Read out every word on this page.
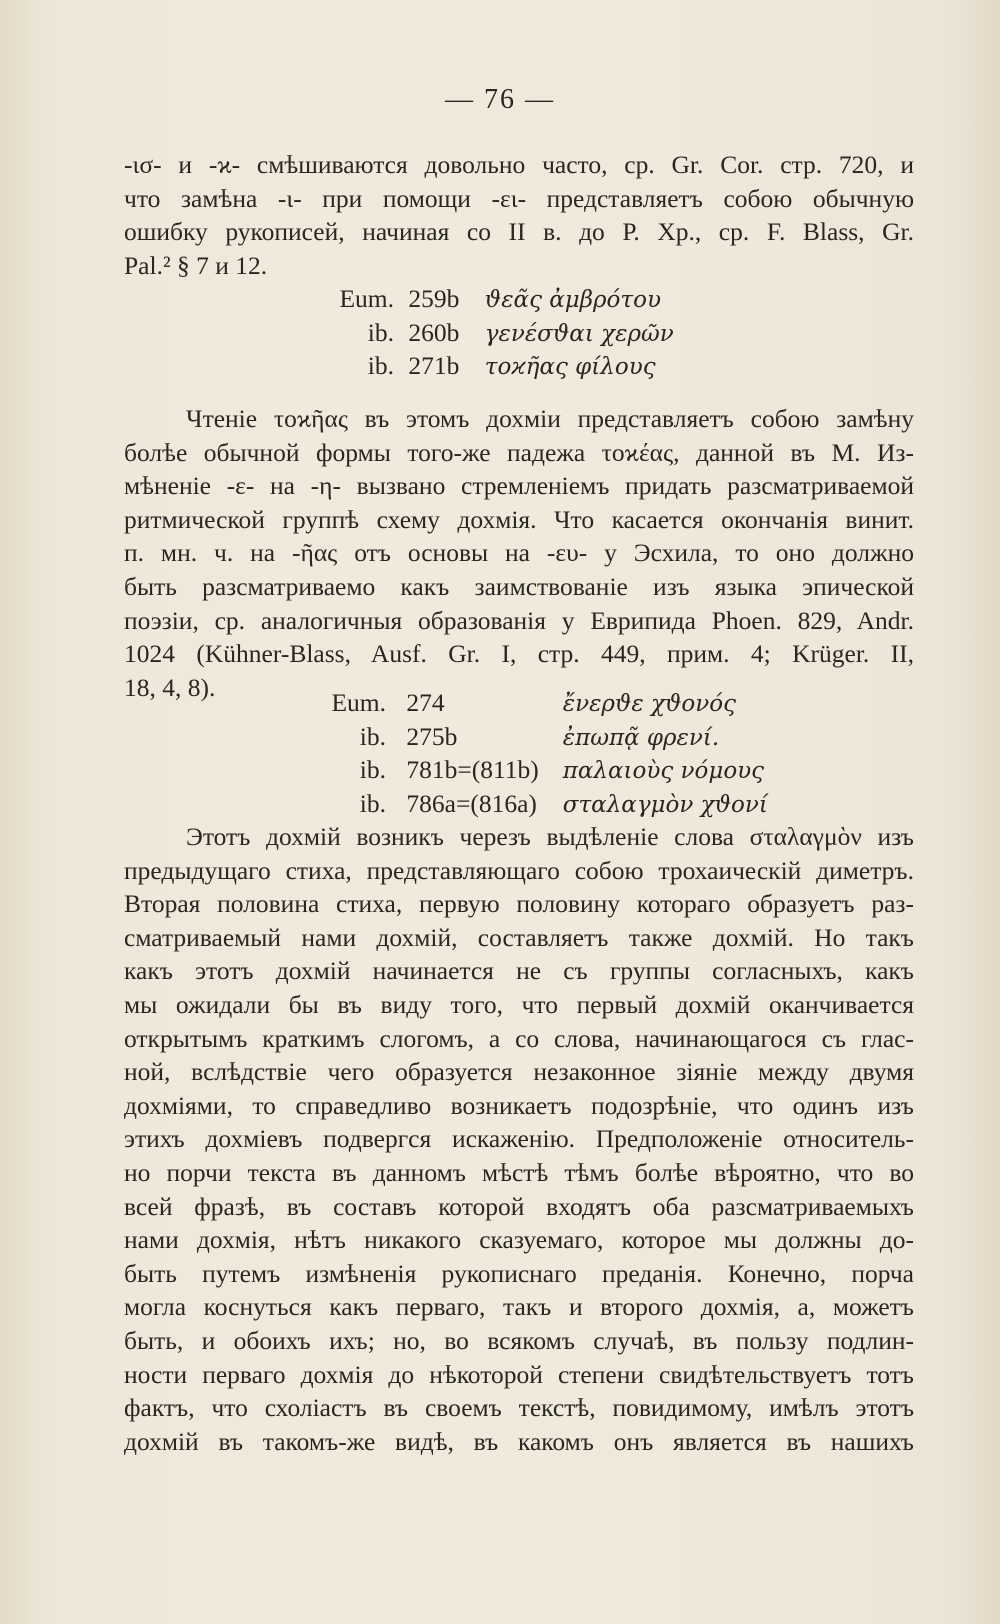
— 76 —
-ισ- и -ϰ- смѣшиваются довольно часто, ср. Gr. Cor. стр. 720, и
что замѣна -ι- при помощи -ει- представляетъ собою обычную
ошибку рукописей, начиная со II в. до Р. Хр., ср. F. Blass, Gr.
Pal.² § 7 и 12.
Eum. 259b ϑεᾶς ἀμβρότου
ib. 260b γενέσϑαι χερῶν
ib. 271b τοϰῆας φίλους
Чтеніе τοϰῆας въ этомъ дохміи представляетъ собою замѣну
болѣе обычной формы того-же падежа τοϰέας, данной въ М. Из-
мѣненіе -ε- на -η- вызвано стремленіемъ придать разсматриваемой
ритмической группѣ схему дохмія. Что касается окончанія винит.
п. мн. ч. на -ῆας отъ основы на -ευ- у Эсхила, то оно должно
быть разсматриваемо какъ заимствованіе изъ языка эпической
поэзіи, ср. аналогичныя образованія у Еврипида Phoen. 829, Andr.
1024 (Kühner-Blass, Ausf. Gr. I, стр. 449, прим. 4; Krüger. II,
18, 4, 8).
Eum. 274	ἔνερϑε χϑονός
ib. 275b	ἐπωπᾷ φρενί.
ib. 781b=(811b) παλαιοὺς νόμους
ib. 786a=(816a) σταλαγμὸν χϑονί
Этотъ дохмій возникъ черезъ выдѣленіе слова σταλαγμὸν изъ
предыдущаго стиха, представляющаго собою трохаическій диметръ.
Вторая половина стиха, первую половину котораго образуетъ раз-
сматриваемый нами дохмій, составляетъ также дохмій. Но такъ
какъ этотъ дохмій начинается не съ группы согласныхъ, какъ
мы ожидали бы въ виду того, что первый дохмій оканчивается
открытымъ краткимъ слогомъ, а со слова, начинающагося съ глас-
ной, вслѣдствіе чего образуется незаконное зіяніе между двумя
дохміями, то справедливо возникаетъ подозрѣніе, что одинъ изъ
этихъ дохміевъ подвергся искаженію. Предположеніе относитель-
но порчи текста въ данномъ мѣстѣ тѣмъ болѣе вѣроятно, что во
всей фразѣ, въ составъ которой входятъ оба разсматриваемыхъ
нами дохмія, нѣтъ никакого сказуемаго, которое мы должны до-
быть путемъ измѣненія рукописнаго преданія. Конечно, порча
могла коснуться какъ перваго, такъ и второго дохмія, а, можетъ
быть, и обоихъ ихъ; но, во всякомъ случаѣ, въ пользу подлин-
ности перваго дохмія до нѣкоторой степени свидѣтельствуетъ тотъ
фактъ, что схоліастъ въ своемъ текстѣ, повидимому, имѣлъ этотъ
дохмій въ такомъ-же видѣ, въ какомъ онъ является въ нашихъ
